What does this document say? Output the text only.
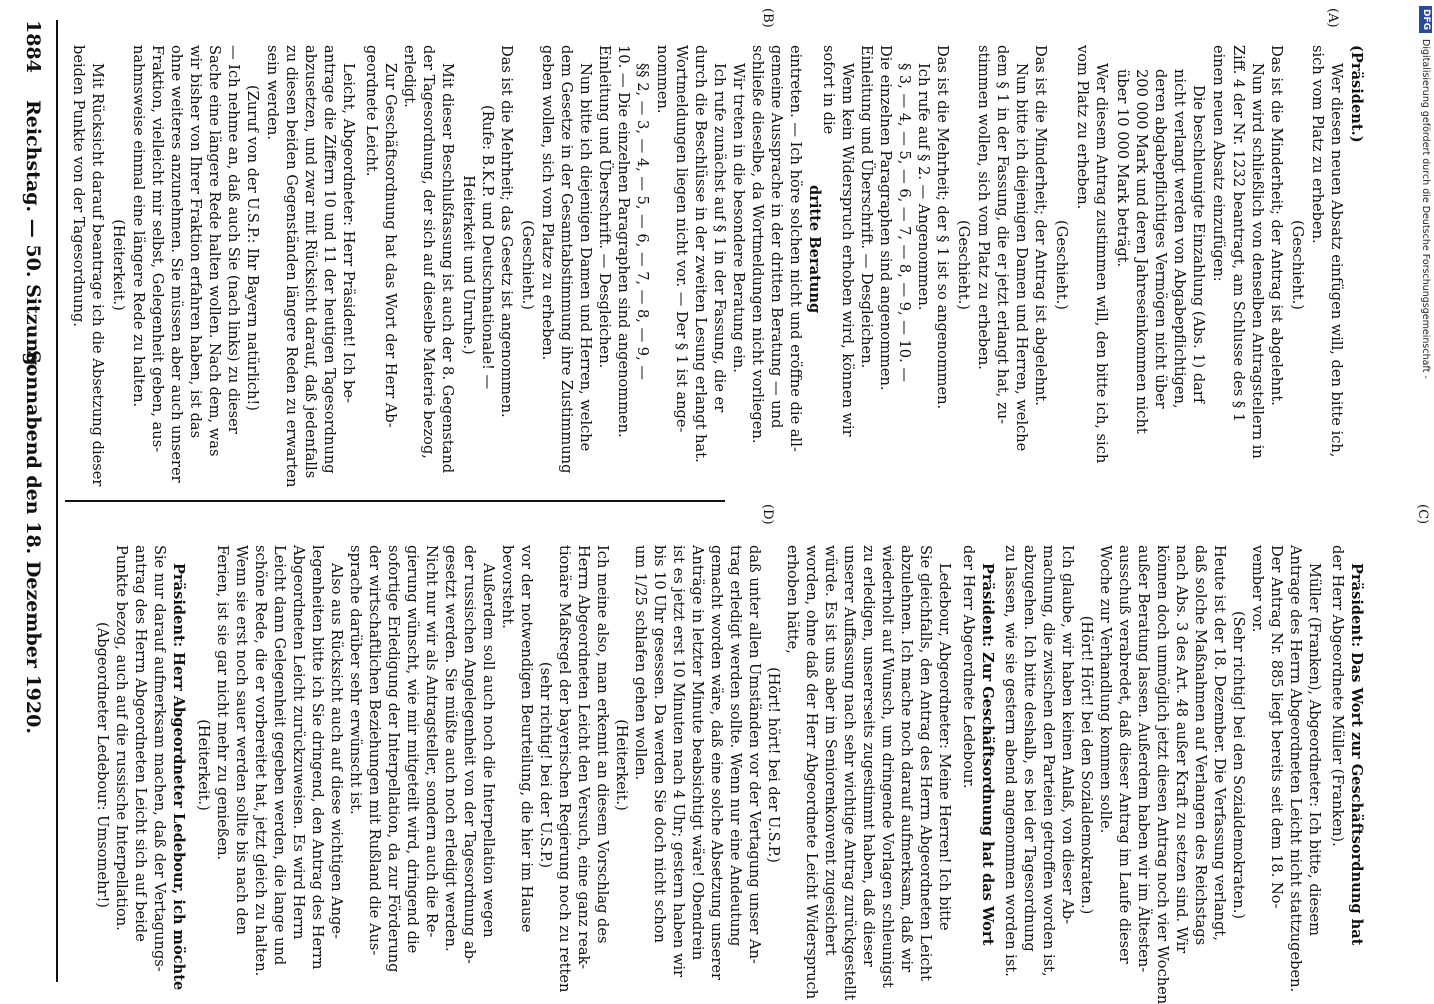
1884
Reichstag. — 50. Sitzung.
Sonnabend den 18. Dezember 1920.
(Präsident.)
Wer diesen neuen Absatz einfügen will, den bitte ich,
sich vom Platz zu erheben.
(Geschieht.)
Das ist die Minderheit; der Antrag ist abgelehnt.
Nun wird schließlich von denselben Antragstellern in
Ziff. 4 der Nr. 1232 beantragt, am Schlusse des § 1
einen neuen Absatz einzufügen:
Die beschleunigte Einzahlung (Abs. 1) darf
nicht verlangt werden von Abgabepflichtigen,
deren abgabepflichtiges Vermögen nicht über
200 000 Mark und deren Jahreseinkommen nicht
über 10 000 Mark beträgt.
Wer diesem Antrag zustimmen will, den bitte ich, sich
vom Platz zu erheben.
(Geschieht.)
Das ist die Minderheit; der Antrag ist abgelehnt.
Nun bitte ich diejenigen Damen und Herren, welche
dem § 1 in der Fassung, die er jetzt erlangt hat, zu-
stimmen wollen, sich vom Platz zu erheben.
(Geschieht.)
Das ist die Mehrheit; der § 1 ist so angenommen.
Ich rufe auf § 2. — Angenommen.
§ 3, — 4, — 5, — 6, — 7, — 8, — 9, — 10. —
Die einzelnen Paragraphen sind angenommen.
Einleitung und Überschrift. — Desgleichen.
Wenn kein Widerspruch erhoben wird, können wir
sofort in die
dritte Beratung
eintreten. — Ich höre solchen nicht und eröffne die all-
gemeine Aussprache in der dritten Beratung — und
schließe dieselbe, da Wortmeldungen nicht vorliegen.
Wir treten in die besondere Beratung ein.
Ich rufe zunächst auf § 1 in der Fassung, die er
durch die Beschlüsse in der zweiten Lesung erlangt hat.
Wortmeldungen liegen nicht vor. — Der § 1 ist ange-
nommen.
§§ 2, — 3, — 4, — 5, — 6, — 7, — 8, — 9, —
10. — Die einzelnen Paragraphen sind angenommen.
Einleitung und Überschrift. — Desgleichen.
Nun bitte ich diejenigen Damen und Herren, welche
dem Gesetze in der Gesamtabstimmung ihre Zustimmung
geben wollen, sich vom Platze zu erheben.
(Geschieht.)
Das ist die Mehrheit; das Gesetz ist angenommen.
(Rufe: B.K.P. und Deutschnationale! —
Heiterkeit und Unruhe.)
Mit dieser Beschlußfassung ist auch der 8. Gegenstand
der Tagesordnung, der sich auf dieselbe Materie bezog,
erledigt.
Zur Geschäftsordnung hat das Wort der Herr Ab-
geordnete Leicht.
Leicht, Abgeordneter: Herr Präsident! Ich be-
antrage die Ziffern 10 und 11 der heutigen Tagesordnung
abzusetzen, und zwar mit Rücksicht darauf, daß jedenfalls
zu diesen beiden Gegenständen längere Reden zu erwarten
sein werden.
(Zuruf von der U.S.P.: Ihr Bayern natürlich!)
— Ich nehme an, daß auch Sie (nach links) zu dieser
Sache eine längere Rede halten wollen. Nach dem, was
wir bisher von Ihrer Fraktion erfahren haben, ist das
ohne weiteres anzunehmen. Sie müssen aber auch unserer
Fraktion, vielleicht mir selbst, Gelegenheit geben, aus-
nahmsweise einmal eine längere Rede zu halten.
(Heiterkeit.)
Mit Rücksicht darauf beantrage ich die Absetzung dieser
beiden Punkte von der Tagesordnung.
Präsident: Das Wort zur Geschäftsordnung hat
der Herr Abgeordnete Müller (Franken).
Müller (Franken), Abgeordneter: Ich bitte, diesem
Antrage des Herrn Abgeordneten Leicht nicht stattzugeben.
Der Antrag Nr. 885 liegt bereits seit dem 18. No-
vember vor.
(Sehr richtig! bei den Sozialdemokraten.)
Heute ist der 18. Dezember. Die Verfassung verlangt,
daß solche Maßnahmen auf Verlangen des Reichstags
nach Abs. 3 des Art. 48 außer Kraft zu setzen sind. Wir
können doch unmöglich jetzt diesen Antrag noch vier Wochen
außer Beratung lassen. Außerdem haben wir im Ältesten-
ausschuß verabredet, daß dieser Antrag im Laufe dieser
Woche zur Verhandlung kommen solle.
(Hört! Hört! bei den Sozialdemokraten.)
Ich glaube, wir haben keinen Anlaß, von dieser Ab-
machung, die zwischen den Parteien getroffen worden ist,
abzugehen. Ich bitte deshalb, es bei der Tagesordnung
zu lassen, wie sie gestern abend angenommen worden ist.
Präsident: Zur Geschäftsordnung hat das Wort
der Herr Abgeordnete Ledebour.
Ledebour, Abgeordneter: Meine Herren! Ich bitte
Sie gleichfalls, den Antrag des Herrn Abgeordneten Leicht
abzulehnen. Ich mache noch darauf aufmerksam, daß wir
wiederholt auf Wunsch, um dringende Vorlagen schleunigst
zu erledigen, unsererseits zugestimmt haben, daß dieser
unserer Auffassung nach sehr wichtige Antrag zurückgestellt
würde. Es ist uns aber im Seniorenkonvent zugesichert
worden, ohne daß der Herr Abgeordnete Leicht Widerspruch
erhoben hätte,
(Hört! hört! bei der U.S.P.)
daß unter allen Umständen vor der Vertagung unser An-
trag erledigt werden sollte. Wenn nur eine Andeutung
gemacht worden wäre, daß eine solche Absetzung unserer
Anträge in letzter Minute beabsichtigt wäre! Obendrein
ist es jetzt erst 10 Minuten nach 4 Uhr; gestern haben wir
bis 10 Uhr gesessen. Da werden Sie doch nicht schon
um 1/25 schlafen gehen wollen.
(Heiterkeit.)
Ich meine also, man erkennt an diesem Vorschlag des
Herrn Abgeordneten Leicht den Versuch, eine ganz reak-
tionäre Maßregel der bayerischen Regierung noch zu retten
(sehr richtig! bei der U.S.P.)
vor der notwendigen Beurteilung, die hier im Hause
bevorsteht.
Außerdem soll auch noch die Interpellation wegen
der russischen Angelegenheit von der Tagesordnung ab-
gesetzt werden. Sie müßte auch noch erledigt werden.
Nicht nur wir als Antragsteller, sondern auch die Re-
gierung wünscht, wie mir mitgeteilt wird, dringend die
sofortige Erledigung der Interpellation, da zur Förderung
der wirtschaftlichen Beziehungen mit Rußland die Aus-
sprache darüber sehr erwünscht ist.
Also aus Rücksicht auch auf diese wichtigen Ange-
legenheiten bitte ich Sie dringend, den Antrag des Herrn
Abgeordneten Leicht zurückzuweisen. Es wird Herrn
Leicht dann Gelegenheit gegeben werden, die lange und
schöne Rede, die er vorbereitet hat, jetzt gleich zu halten.
Wenn sie erst noch sauer werden sollte bis nach den
Ferien, ist sie gar nicht mehr zu genießen.
(Heiterkeit.)
Präsident: Herr Abgeordneter Ledebour, ich möchte
Sie nur darauf aufmerksam machen, daß der Vertagungs-
antrag des Herrn Abgeordneten Leicht sich auf beide
Punkte bezog, auch auf die russische Interpellation.
(Abgeordneter Ledebour: Umsomehr!)
(A)
(B)
(C)
(D)
DFG
Digitalisierung gefördert durch die Deutsche Forschungsgemeinschaft -
